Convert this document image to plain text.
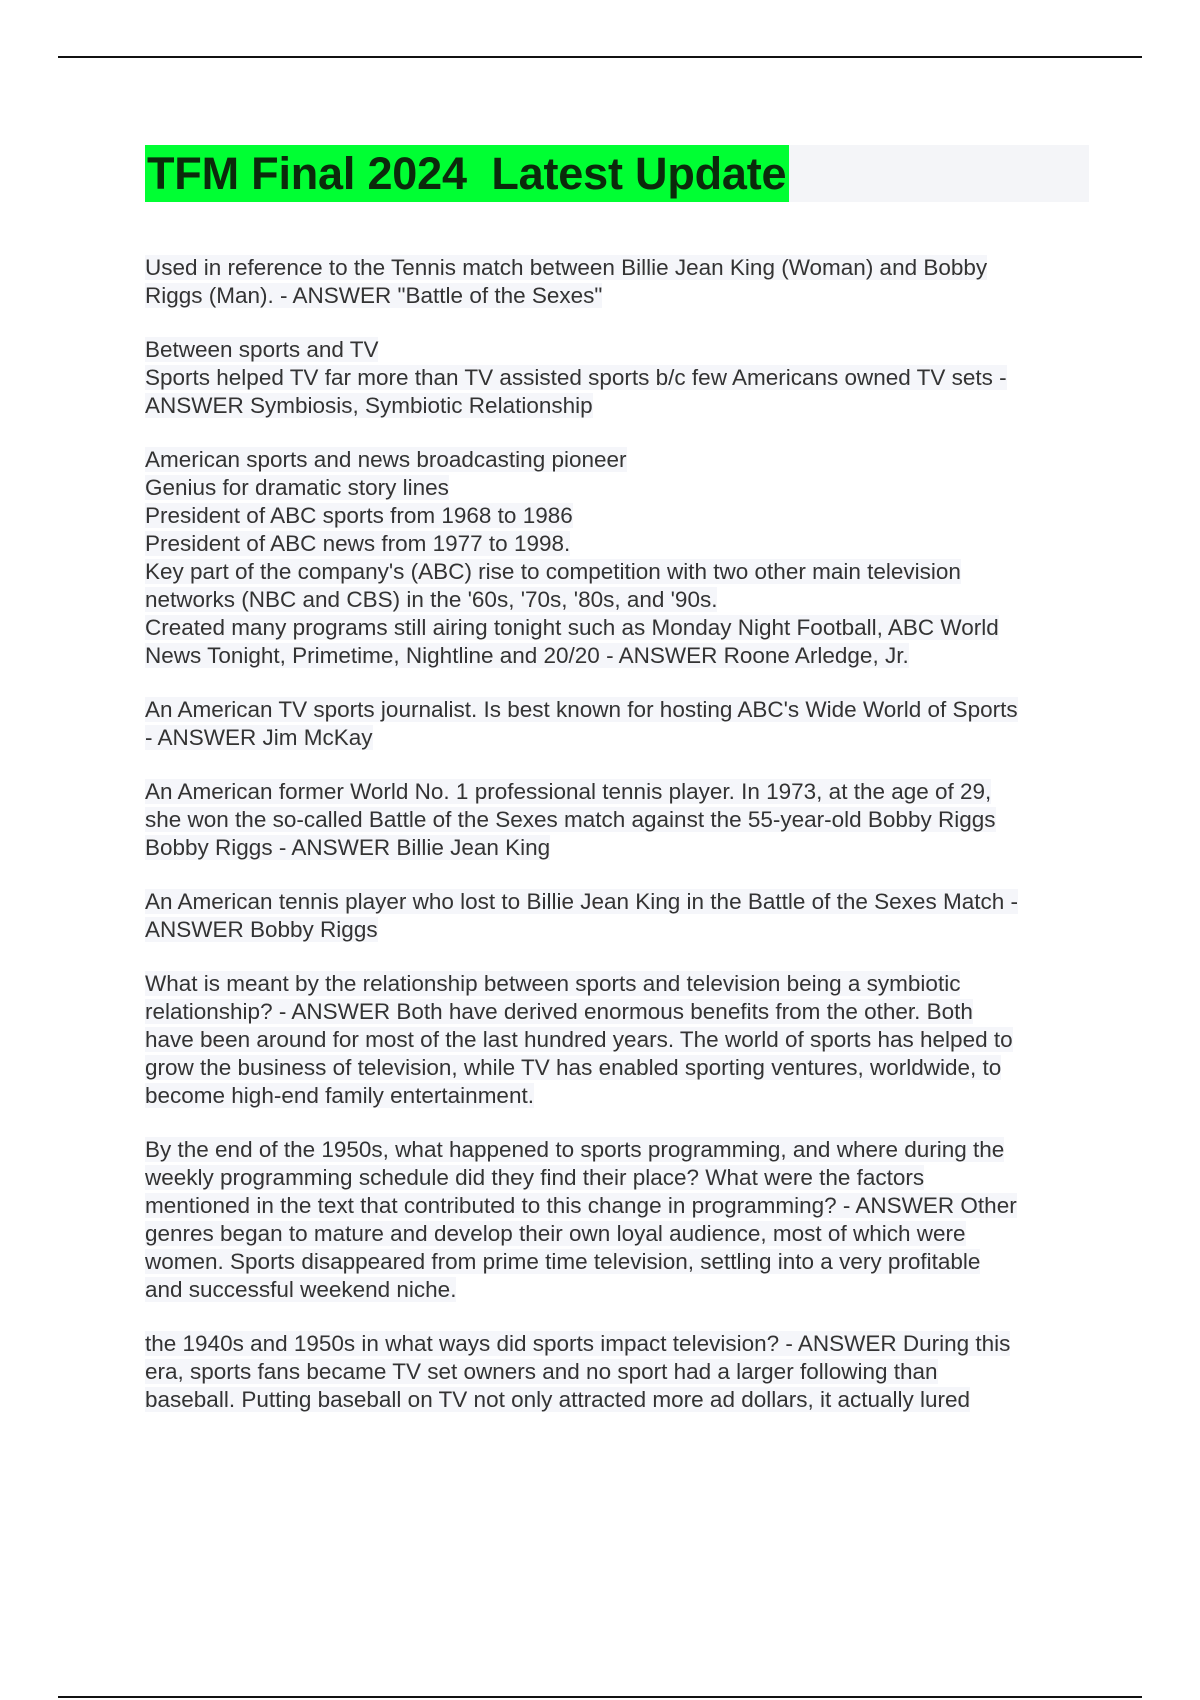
TFM Final 2024  Latest Update
Used in reference to the Tennis match between Billie Jean King (Woman) and Bobby
Riggs (Man). - ANSWER "Battle of the Sexes"
Between sports and TV
Sports helped TV far more than TV assisted sports b/c few Americans owned TV sets -
ANSWER Symbiosis, Symbiotic Relationship
American sports and news broadcasting pioneer
Genius for dramatic story lines
President of ABC sports from 1968 to 1986
President of ABC news from 1977 to 1998.
Key part of the company's (ABC) rise to competition with two other main television
networks (NBC and CBS) in the '60s, '70s, '80s, and '90s.
Created many programs still airing tonight such as Monday Night Football, ABC World
News Tonight, Primetime, Nightline and 20/20 - ANSWER Roone Arledge, Jr.
An American TV sports journalist. Is best known for hosting ABC's Wide World of Sports
- ANSWER Jim McKay
An American former World No. 1 professional tennis player. In 1973, at the age of 29,
she won the so-called Battle of the Sexes match against the 55-year-old Bobby Riggs
Bobby Riggs - ANSWER Billie Jean King
An American tennis player who lost to Billie Jean King in the Battle of the Sexes Match -
ANSWER Bobby Riggs
What is meant by the relationship between sports and television being a symbiotic
relationship? - ANSWER Both have derived enormous benefits from the other. Both
have been around for most of the last hundred years. The world of sports has helped to
grow the business of television, while TV has enabled sporting ventures, worldwide, to
become high-end family entertainment.
By the end of the 1950s, what happened to sports programming, and where during the
weekly programming schedule did they find their place? What were the factors
mentioned in the text that contributed to this change in programming? - ANSWER Other
genres began to mature and develop their own loyal audience, most of which were
women. Sports disappeared from prime time television, settling into a very profitable
and successful weekend niche.
the 1940s and 1950s in what ways did sports impact television? - ANSWER During this
era, sports fans became TV set owners and no sport had a larger following than
baseball. Putting baseball on TV not only attracted more ad dollars, it actually lured
